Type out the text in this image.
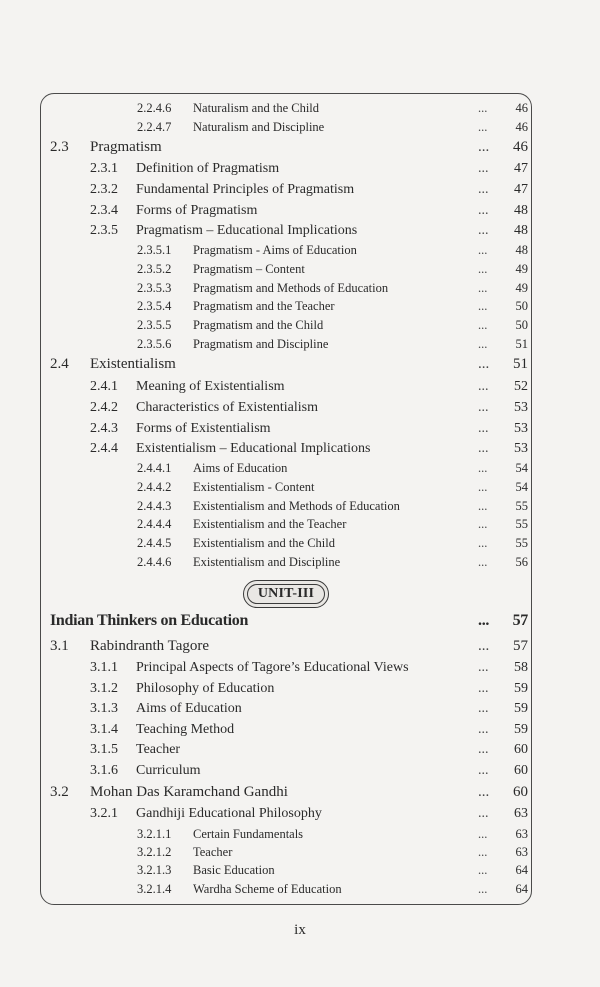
2.2.4.6 Naturalism and the Child	...	46
2.2.4.7 Naturalism and Discipline	...	46
2.3 Pragmatism	...	46
2.3.1 Definition of Pragmatism	...	47
2.3.2 Fundamental Principles of Pragmatism	...	47
2.3.4 Forms of Pragmatism	...	48
2.3.5 Pragmatism – Educational Implications	...	48
2.3.5.1 Pragmatism - Aims of Education	...	48
2.3.5.2 Pragmatism – Content	...	49
2.3.5.3 Pragmatism and Methods of Education	...	49
2.3.5.4 Pragmatism and the Teacher	...	50
2.3.5.5 Pragmatism and the Child	...	50
2.3.5.6 Pragmatism and Discipline	...	51
2.4 Existentialism	...	51
2.4.1 Meaning of Existentialism	...	52
2.4.2 Characteristics of Existentialism	...	53
2.4.3 Forms of Existentialism	...	53
2.4.4 Existentialism – Educational Implications	...	53
2.4.4.1 Aims of Education	...	54
2.4.4.2 Existentialism - Content	...	54
2.4.4.3 Existentialism and Methods of Education	...	55
2.4.4.4 Existentialism and the Teacher	...	55
2.4.4.5 Existentialism and the Child	...	55
2.4.4.6 Existentialism and Discipline	...	56
Indian Thinkers on Education	...	57
3.1 Rabindranth Tagore	...	57
3.1.1 Principal Aspects of Tagore’s Educational Views	...	58
3.1.2 Philosophy of Education	...	59
3.1.3 Aims of Education	...	59
3.1.4 Teaching Method	...	59
3.1.5 Teacher	...	60
3.1.6 Curriculum	...	60
3.2 Mohan Das Karamchand Gandhi	...	60
3.2.1 Gandhiji Educational Philosophy	...	63
3.2.1.1 Certain Fundamentals	...	63
3.2.1.2 Teacher	...	63
3.2.1.3 Basic Education	...	64
3.2.1.4 Wardha Scheme of Education	...	64
UNIT-III
ix
